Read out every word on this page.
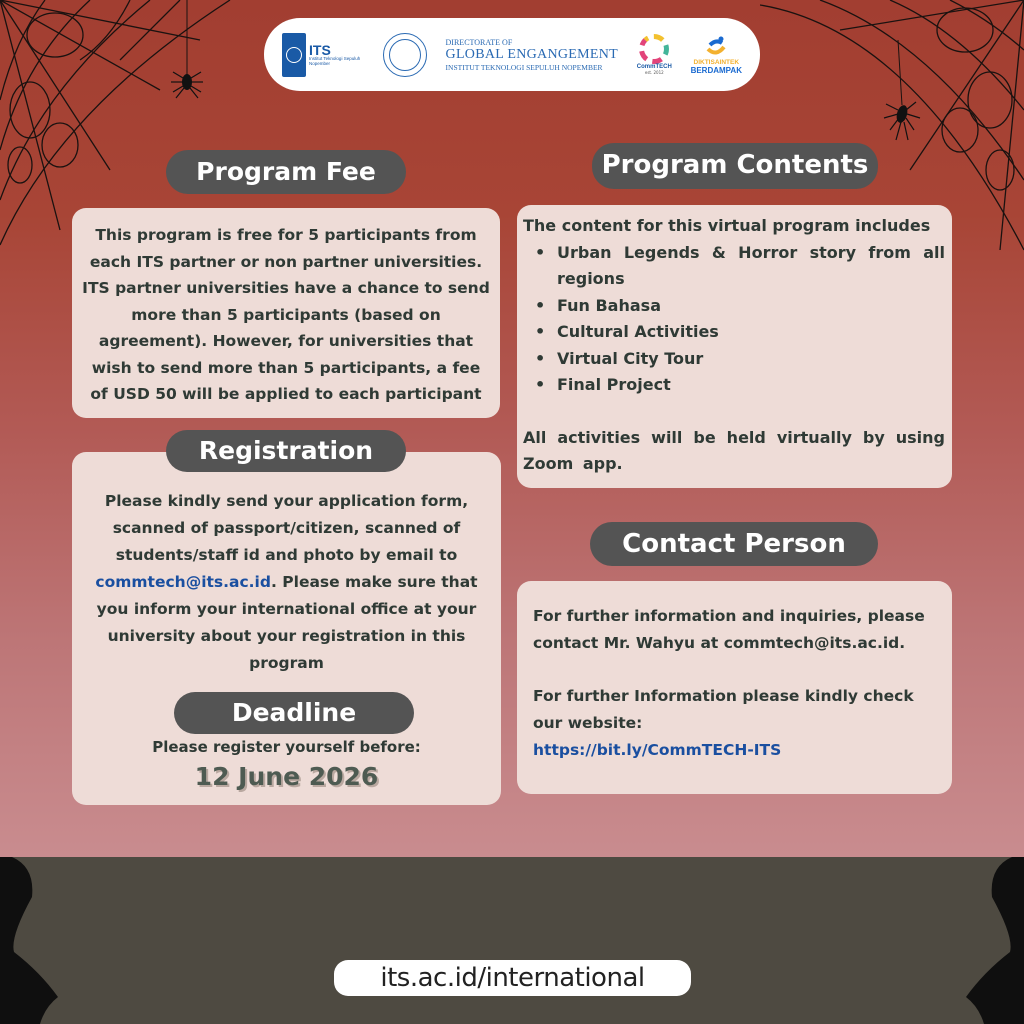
ITS
Institut Teknologi Sepuluh Nopember
DIRECTORATE OF
GLOBAL ENGANGEMENT
INSTITUT TEKNOLOGI SEPULUH NOPEMBER	CommTECH
est. 2012
DIKTISAINTEK
BERDAMPAK
Program Fee

This program is free for 5 participants from each ITS partner or non partner universities. ITS partner universities have a chance to send more than 5 participants (based on agreement). However, for universities that wish to send more than 5 participants, a fee of USD 50 will be applied to each participant

Program Contents

The content for this virtual program includes

• Urban Legends & Horror story from all regions
• Fun Bahasa
• Cultural Activities
• Virtual City Tour
• Final Project

All activities will be held virtually by using Zoom app.

Please kindly send your application form, scanned of passport/citizen, scanned of students/staff id and photo by email to commtech@its.ac.id. Please make sure that you inform your international office at your university about your registration in this program

Registration
Deadline
Please register yourself before:
12 June 2026
Contact Person

For further information and inquiries, please contact Mr. Wahyu at commtech@its.ac.id.

For further Information please kindly check our website:

https://bit.ly/CommTECH-ITS

its.ac.id/international
